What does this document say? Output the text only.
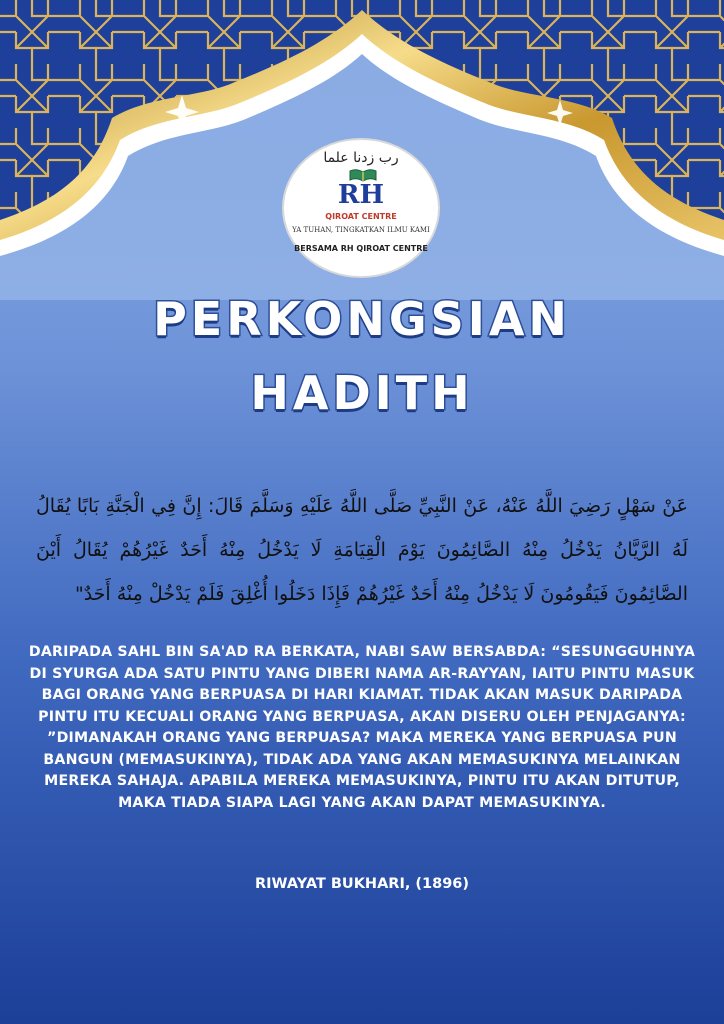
رب زدنا علما
RH
QIROAT CENTRE
YA TUHAN, TINGKATKAN ILMU KAMI
BERSAMA RH QIROAT CENTRE
PERKONGSIAN
HADITH
عَنْ سَهْلٍ رَضِيَ اللَّهُ عَنْهُ، عَنْ النَّبِيِّ صَلَّى اللَّهُ عَلَيْهِ وَسَلَّمَ قَالَ: إِنَّ فِي الْجَنَّةِ بَابًا يُقَالُ لَهُ الرَّيَّانُ يَدْخُلُ مِنْهُ الصَّائِمُونَ يَوْمَ الْقِيَامَةِ لَا يَدْخُلُ مِنْهُ أَحَدٌ غَيْرُهُمْ يُقَالُ أَيْنَ الصَّائِمُونَ فَيَقُومُونَ لَا يَدْخُلُ مِنْهُ أَحَدٌ غَيْرُهُمْ فَإِذَا دَخَلُوا أُغْلِقَ فَلَمْ يَدْخُلْ مِنْهُ أَحَدٌ"
DARIPADA SAHL BIN SA'AD RA BERKATA, NABI SAW BERSABDA: “SESUNGGUHNYA DI SYURGA ADA SATU PINTU YANG DIBERI NAMA AR-RAYYAN, IAITU PINTU MASUK BAGI ORANG YANG BERPUASA DI HARI KIAMAT. TIDAK AKAN MASUK DARIPADA PINTU ITU KECUALI ORANG YANG BERPUASA, AKAN DISERU OLEH PENJAGANYA: ”DIMANAKAH ORANG YANG BERPUASA? MAKA MEREKA YANG BERPUASA PUN BANGUN (MEMASUKINYA), TIDAK ADA YANG AKAN MEMASUKINYA MELAINKAN MEREKA SAHAJA. APABILA MEREKA MEMASUKINYA, PINTU ITU AKAN DITUTUP, MAKA TIADA SIAPA LAGI YANG AKAN DAPAT MEMASUKINYA.
RIWAYAT BUKHARI, (1896)
